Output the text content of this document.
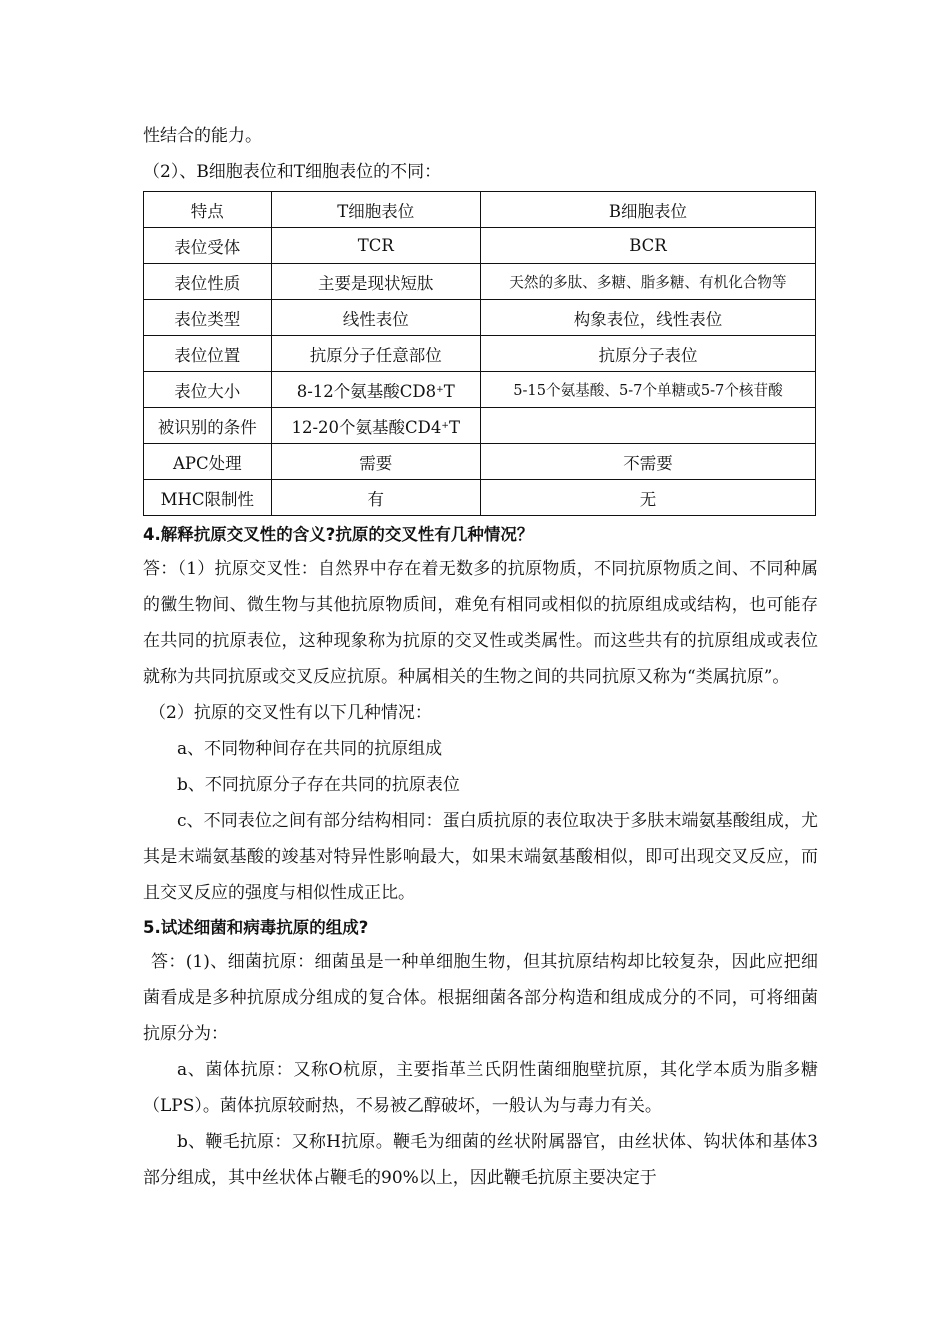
性结合的能力。

（2）、B细胞表位和T细胞表位的不同：

特点	T细胞表位	B细胞表位
表位受体	TCR	BCR
表位性质	主要是现状短肽	天然的多肽、多糖、脂多糖、有机化合物等
表位类型	线性表位	构象表位，线性表位
表位位置	抗原分子任意部位	抗原分子表位
表位大小	8-12个氨基酸CD8+T	5-15个氨基酸、5-7个单糖或5-7个核苷酸
被识别的条件	12-20个氨基酸CD4+T	
APC处理	需要	不需要
MHC限制性	有	无
4.解释抗原交叉性的含义?抗原的交叉性有几种情况？

答：（1）抗原交叉性：自然界中存在着无数多的抗原物质，不同抗原物质之间、不同种属的黴生物间、微生物与其他抗原物质间，难免有相同或相似的抗原组成或结构，也可能存在共同的抗原表位，这种现象称为抗原的交叉性或类属性。而这些共有的抗原组成或表位就称为共同抗原或交叉反应抗原。种属相关的生物之间的共同抗原又称为“类属抗原”。

（2）抗原的交叉性有以下几种情况：

a、不同物种间存在共同的抗原组成

b、不同抗原分子存在共同的抗原表位

c、不同表位之间有部分结构相同：蛋白质抗原的表位取决于多肤末端氨基酸组成，尤其是末端氨基酸的竣基对特异性影响最大，如果末端氨基酸相似，即可出现交叉反应，而且交叉反应的强度与相似性成正比。

5.试述细菌和病毒抗原的组成?

答：(1)、细菌抗原：细菌虽是一种单细胞生物，但其抗原结构却比较复杂，因此应把细菌看成是多种抗原成分组成的复合体。根据细菌各部分构造和组成成分的不同，可将细菌抗原分为：

a、菌体抗原：又称O杭原，主要指革兰氏阴性菌细胞壁抗原，其化学本质为脂多糖（LPS）。菌体抗原较耐热，不易被乙醇破坏，一般认为与毒力有关。

b、鞭毛抗原：又称H抗原。鞭毛为细菌的丝状附属器官，由丝状体、钩状体和基体3部分组成，其中丝状体占鞭毛的90%以上，因此鞭毛抗原主要决定于
